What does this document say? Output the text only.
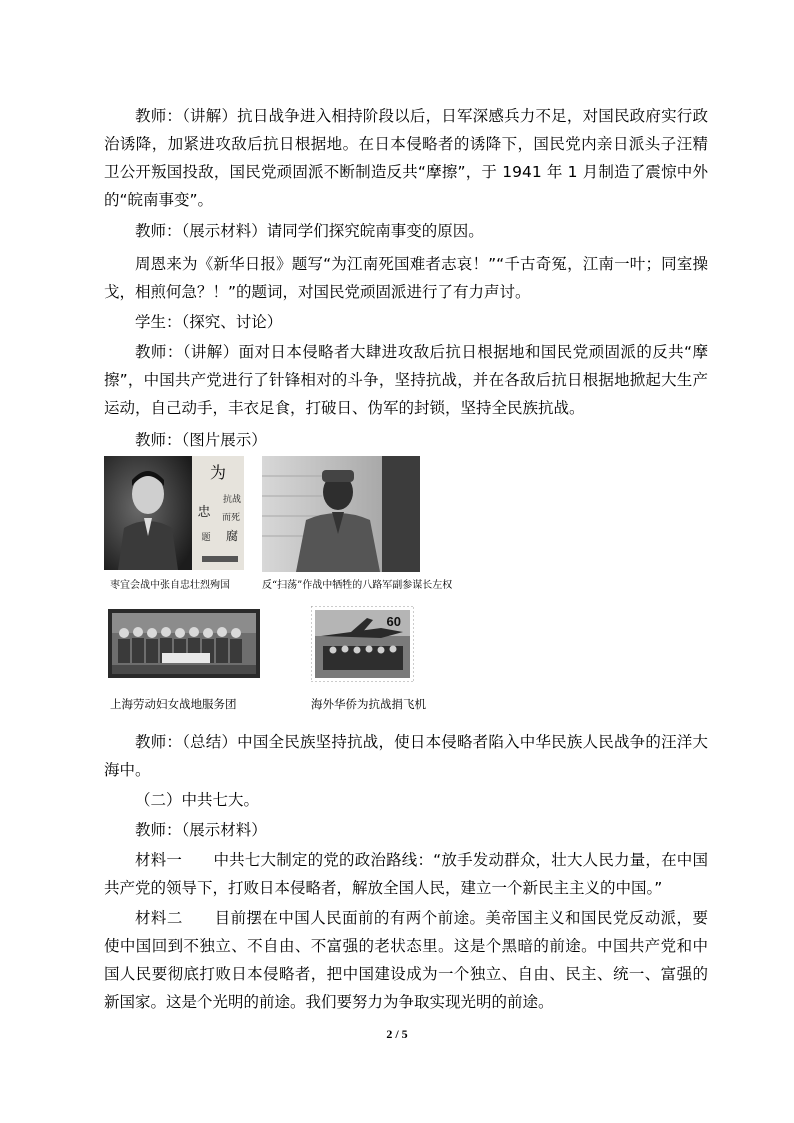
教师：（讲解）抗日战争进入相持阶段以后，日军深感兵力不足，对国民政府实行政治诱降，加紧进攻敌后抗日根据地。在日本侵略者的诱降下，国民党内亲日派头子汪精卫公开叛国投敌，国民党顽固派不断制造反共“摩擦”，于 1941 年 1 月制造了震惊中外的“皖南事变”。

教师：（展示材料）请同学们探究皖南事变的原因。

周恩来为《新华日报》题写“为江南死国难者志哀！”“千古奇冤，江南一叶；同室操戈，相煎何急？！”的题词，对国民党顽固派进行了有力声讨。

学生：（探究、讨论）

教师：（讲解）面对日本侵略者大肆进攻敌后抗日根据地和国民党顽固派的反共“摩擦”，中国共产党进行了针锋相对的斗争，坚持抗战，并在各敌后抗日根据地掀起大生产运动，自己动手，丰衣足食，打破日、伪军的封锁，坚持全民族抗战。

教师：（图片展示）

为
抗战
而死
腐
忠
题
枣宜会战中张自忠壮烈殉国	反“扫荡”作战中牺牲的八路军副参谋长左权
上海劳动妇女战地服务团
60
海外华侨为抗战捐飞机

教师：（总结）中国全民族坚持抗战，使日本侵略者陷入中华民族人民战争的汪洋大海中。

（二）中共七大。

教师：（展示材料）

材料一　　中共七大制定的党的政治路线：“放手发动群众，壮大人民力量，在中国共产党的领导下，打败日本侵略者，解放全国人民，建立一个新民主主义的中国。”

材料二　　目前摆在中国人民面前的有两个前途。美帝国主义和国民党反动派，要使中国回到不独立、不自由、不富强的老状态里。这是个黑暗的前途。中国共产党和中国人民要彻底打败日本侵略者，把中国建设成为一个独立、自由、民主、统一、富强的新国家。这是个光明的前途。我们要努力为争取实现光明的前途。

2 / 5
